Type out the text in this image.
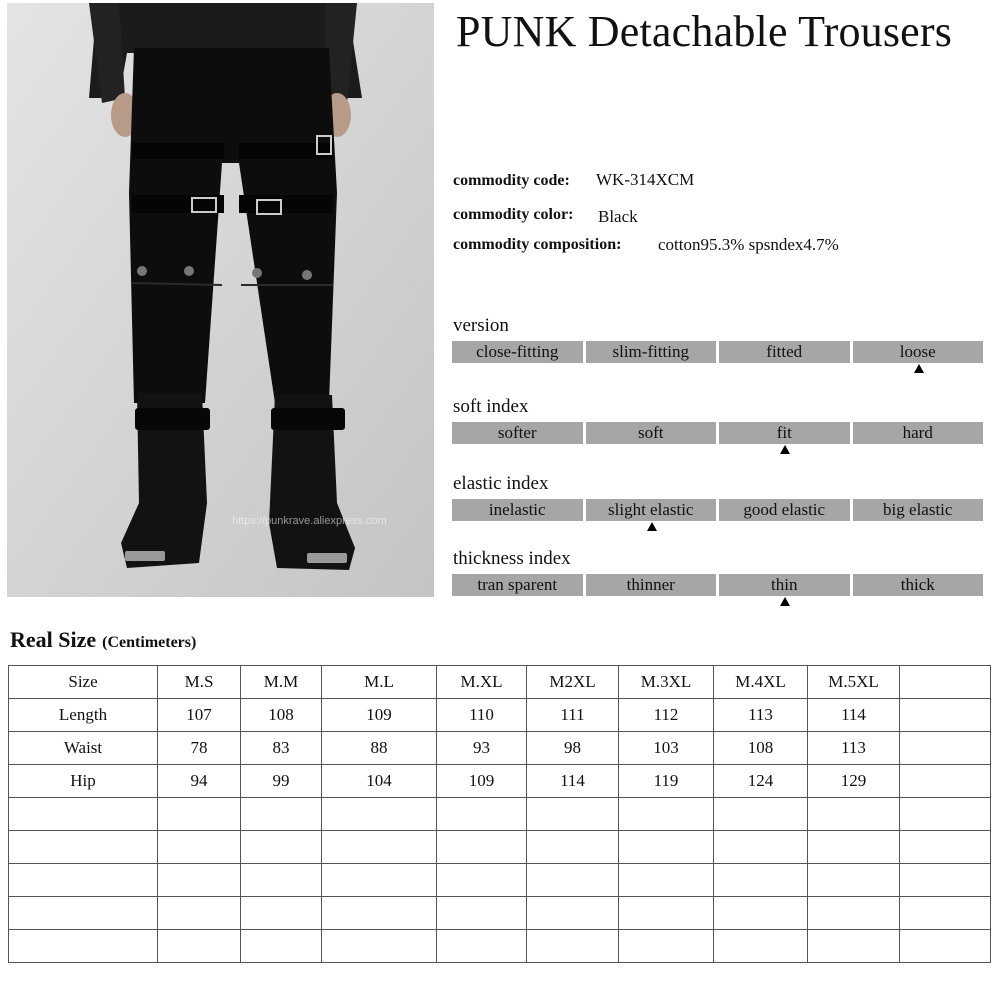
https://punkrave.aliexpress.com
PUNK Detachable Trousers
commodity code: WK-314XCM
commodity color: Black
commodity composition: cotton95.3% spsndex4.7%
version
close-fitting	slim-fitting	fitted	loose
soft index
softer	soft	fit	hard
elastic index
inelastic	slight elastic	good elastic	big elastic
thickness index
tran sparent	thinner	thin	thick
Real Size (Centimeters)
Size	M.S	M.M	M.L	M.XL	M2XL	M.3XL	M.4XL	M.5XL	
Length	107	108	109	110	111	112	113	114	
Waist	78	83	88	93	98	103	108	113	
Hip	94	99	104	109	114	119	124	129	
